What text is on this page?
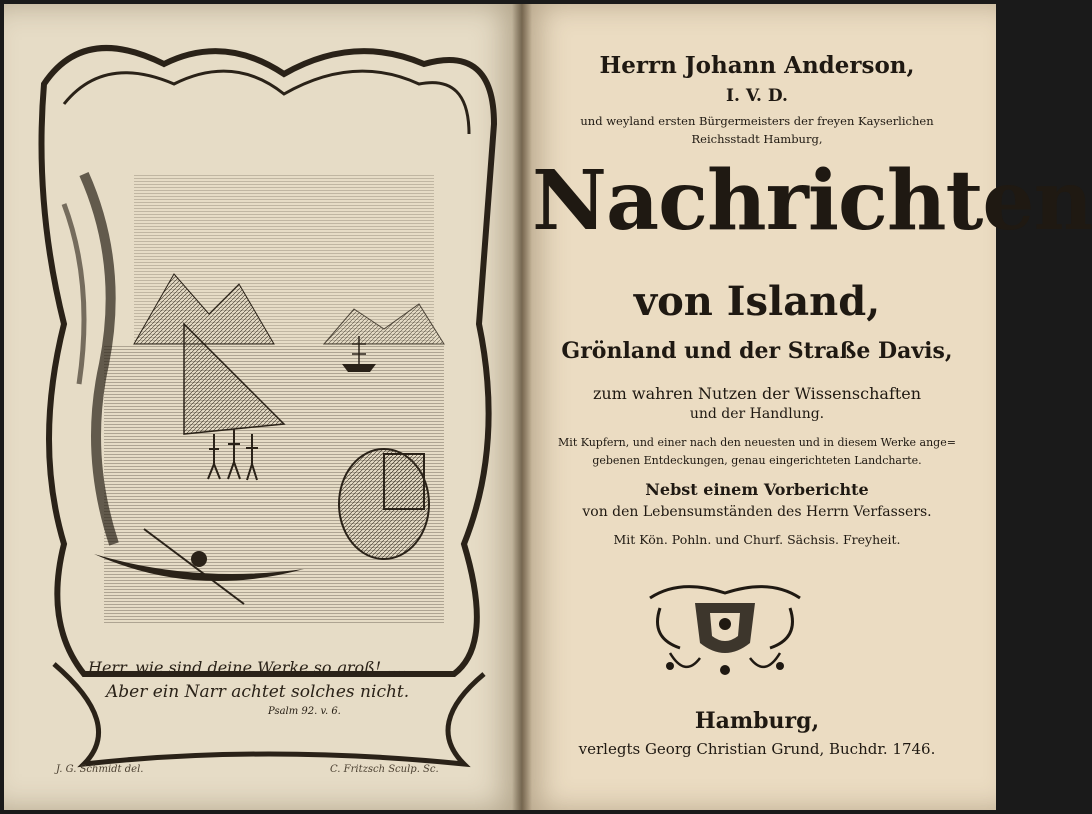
Herr, wie sind deine Werke so groß! ....
Aber ein Narr achtet solches nicht.
Psalm 92. v. 6.
J. G. Schmidt del.	C. Fritzsch Sculp. Sc.
Herrn Johann Anderson,
I. V. D.
und weyland ersten Bürgermeisters der freyen Kayserlichen
Reichsstadt Hamburg,
Nachrichten
von Island,
Grönland und der Straße Davis,
zum wahren Nutzen der Wissenschaften
und der Handlung.
Mit Kupfern, und einer nach den neuesten und in diesem Werke ange=
gebenen Entdeckungen, genau eingerichteten Landcharte.
Nebst einem Vorberichte
von den Lebensumständen des Herrn Verfassers.
Mit Kön. Pohln. und Churf. Sächsis. Freyheit.
Hamburg,
verlegts Georg Christian Grund, Buchdr. 1746.
